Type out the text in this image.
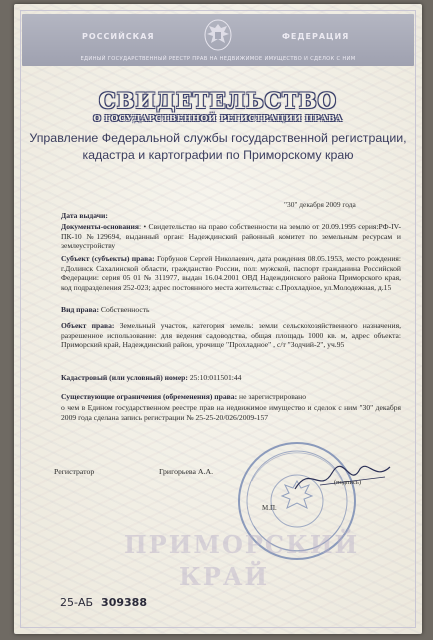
РОССИЙСКАЯ	ФЕДЕРАЦИЯ
ЕДИНЫЙ ГОСУДАРСТВЕННЫЙ РЕЕСТР ПРАВ НА НЕДВИЖИМОЕ ИМУЩЕСТВО И СДЕЛОК С НИМ
СВИДЕТЕЛЬСТВО
О ГОСУДАРСТВЕННОЙ РЕГИСТРАЦИИ ПРАВА
Управление Федеральной службы государственной регистрации,
кадастра и картографии по Приморскому краю
"30" декабря 2009 года
Дата выдачи:
Документы-основания: • Свидетельство на право собственности на землю от 20.09.1995 серия:РФ-IV-ПК-10 №129694, выданный орган: Надеждинский районный комитет по земельным ресурсам и землеустройству
Субъект (субъекты) права: Горбунов Сергей Николаевич, дата рождения 08.05.1953, место рождения: г.Долинск Сахалинской области, гражданство России, пол: мужской, паспорт гражданина Российской Федерации: серия 05 01 № 311977, выдан 16.04.2001 ОВД Надеждинского района Приморского края, код подразделения 252-023; адрес постоянного места жительства: с.Прохладное, ул.Молодежная, д.15
Вид права: Собственность
Объект права: Земельный участок, категория земель: земли сельскохозяйственного назначения, разрешенное использование: для ведения садоводства, общая площадь 1000 кв. м, адрес объекта: Приморский край, Надеждинский район, урочище "Прохладное" , с/т "Зодчий-2", уч.95
Кадастровый (или условный) номер: 25:10:011501:44
Существующие ограничения (обременения) права: не зарегистрировано
о чем в Едином государственном реестре прав на недвижимое имущество и сделок с ним "30" декабря 2009 года сделана запись регистрации № 25-25-20/026/2009-157
М.П.
Регистратор	Григорьева А.А.
(подпись)
ПРИМОРСКИЙ
КРАЙ
25-АБ 309388
